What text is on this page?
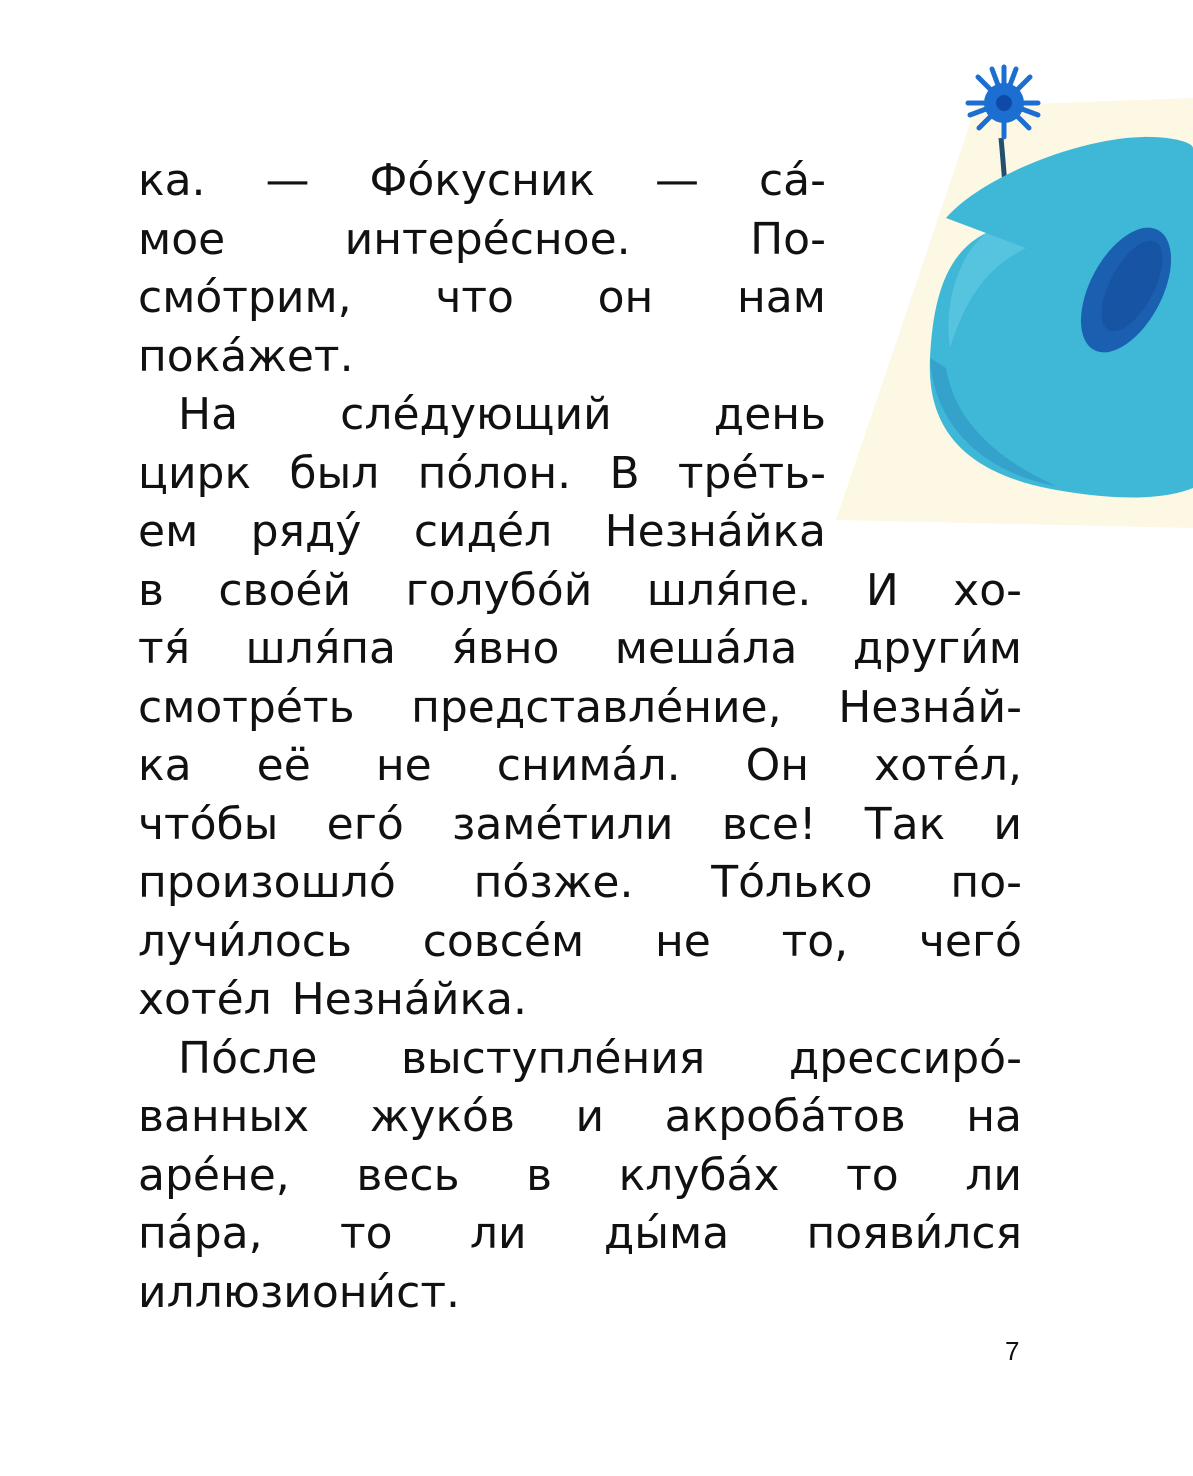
ка. — Фо́кусник — са́-
мое	интере́сное.	По-
смо́трим, что он нам
пока́жет.
На сле́дующий день
цирк был по́лон. В тре́ть-
ем ряду́ сиде́л Незна́йка
в свое́й голубо́й шля́пе. И хо-
тя́ шля́па я́вно меша́ла други́м
смотре́ть представле́ние, Незна́й-
ка её не снима́л. Он хоте́л,
что́бы его́ заме́тили все! Так и
произошло́ по́зже. То́лько по-
лучи́лось совсе́м не то, чего́
хоте́л Незна́йка.
По́сле выступле́ния дрессиро́-
ванных жуко́в и акроба́тов на
аре́не, весь в клуба́х то ли
па́ра, то ли ды́ма появи́лся
иллюзиони́ст.
7
